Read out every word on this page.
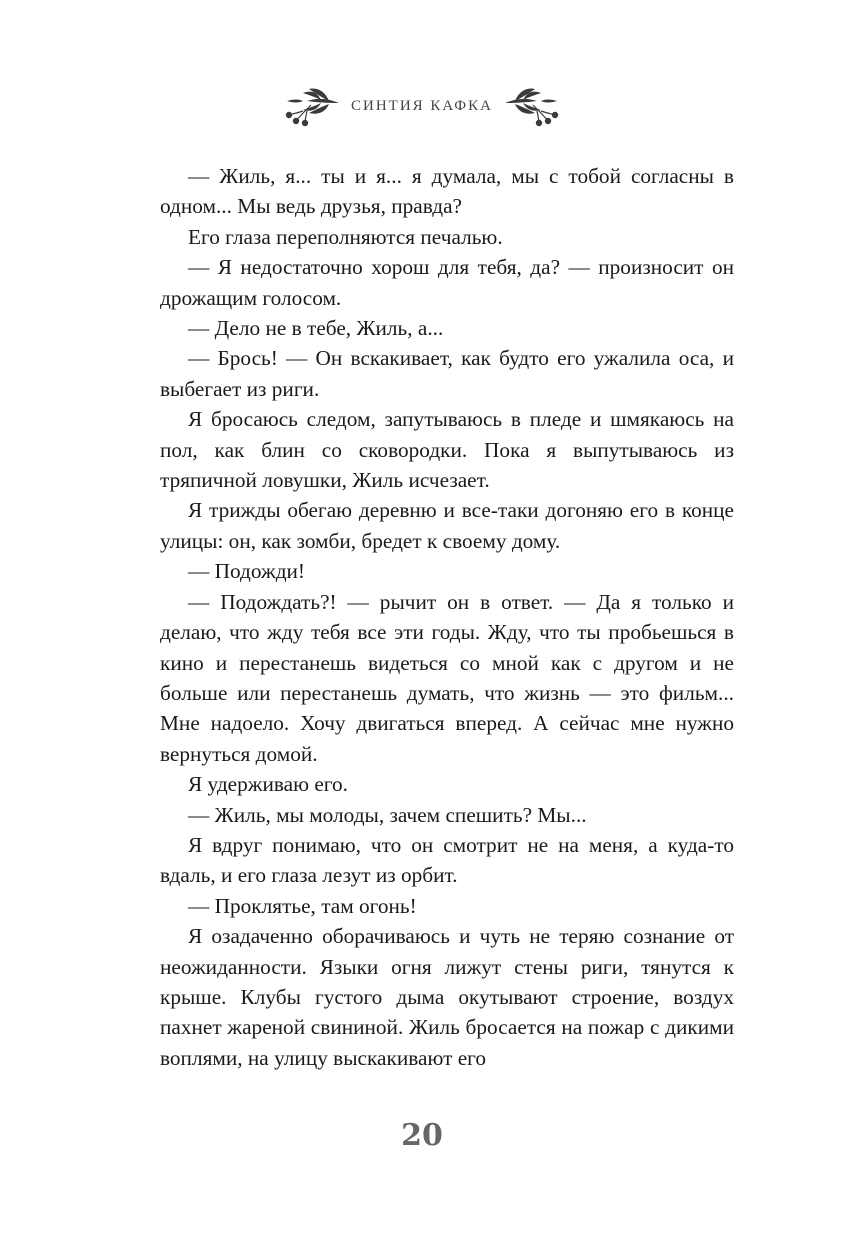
СИНТИЯ КАФКА

— Жиль, я... ты и я... я думала, мы с тобой согласны в одном... Мы ведь друзья, правда?

Его глаза переполняются печалью.

— Я недостаточно хорош для тебя, да? — произносит он дрожащим голосом.

— Дело не в тебе, Жиль, а...

— Брось! — Он вскакивает, как будто его ужалила оса, и выбегает из риги.

Я бросаюсь следом, запутываюсь в пледе и шмякаюсь на пол, как блин со сковородки. Пока я выпутываюсь из тряпичной ловушки, Жиль исчезает.

Я трижды обегаю деревню и все-таки догоняю его в конце улицы: он, как зомби, бредет к своему дому.

— Подожди!

— Подождать?! — рычит он в ответ. — Да я только и делаю, что жду тебя все эти годы. Жду, что ты пробьешься в кино и перестанешь видеться со мной как с другом и не больше или перестанешь думать, что жизнь — это фильм... Мне надоело. Хочу двигаться вперед. А сейчас мне нужно вернуться домой.

Я удерживаю его.

— Жиль, мы молоды, зачем спешить? Мы...

Я вдруг понимаю, что он смотрит не на меня, а куда-то вдаль, и его глаза лезут из орбит.

— Проклятье, там огонь!

Я озадаченно оборачиваюсь и чуть не теряю сознание от неожиданности. Языки огня лижут стены риги, тянутся к крыше. Клубы густого дыма окутывают строение, воздух пахнет жареной свининой. Жиль бросается на пожар с дикими воплями, на улицу выскакивают его

20
